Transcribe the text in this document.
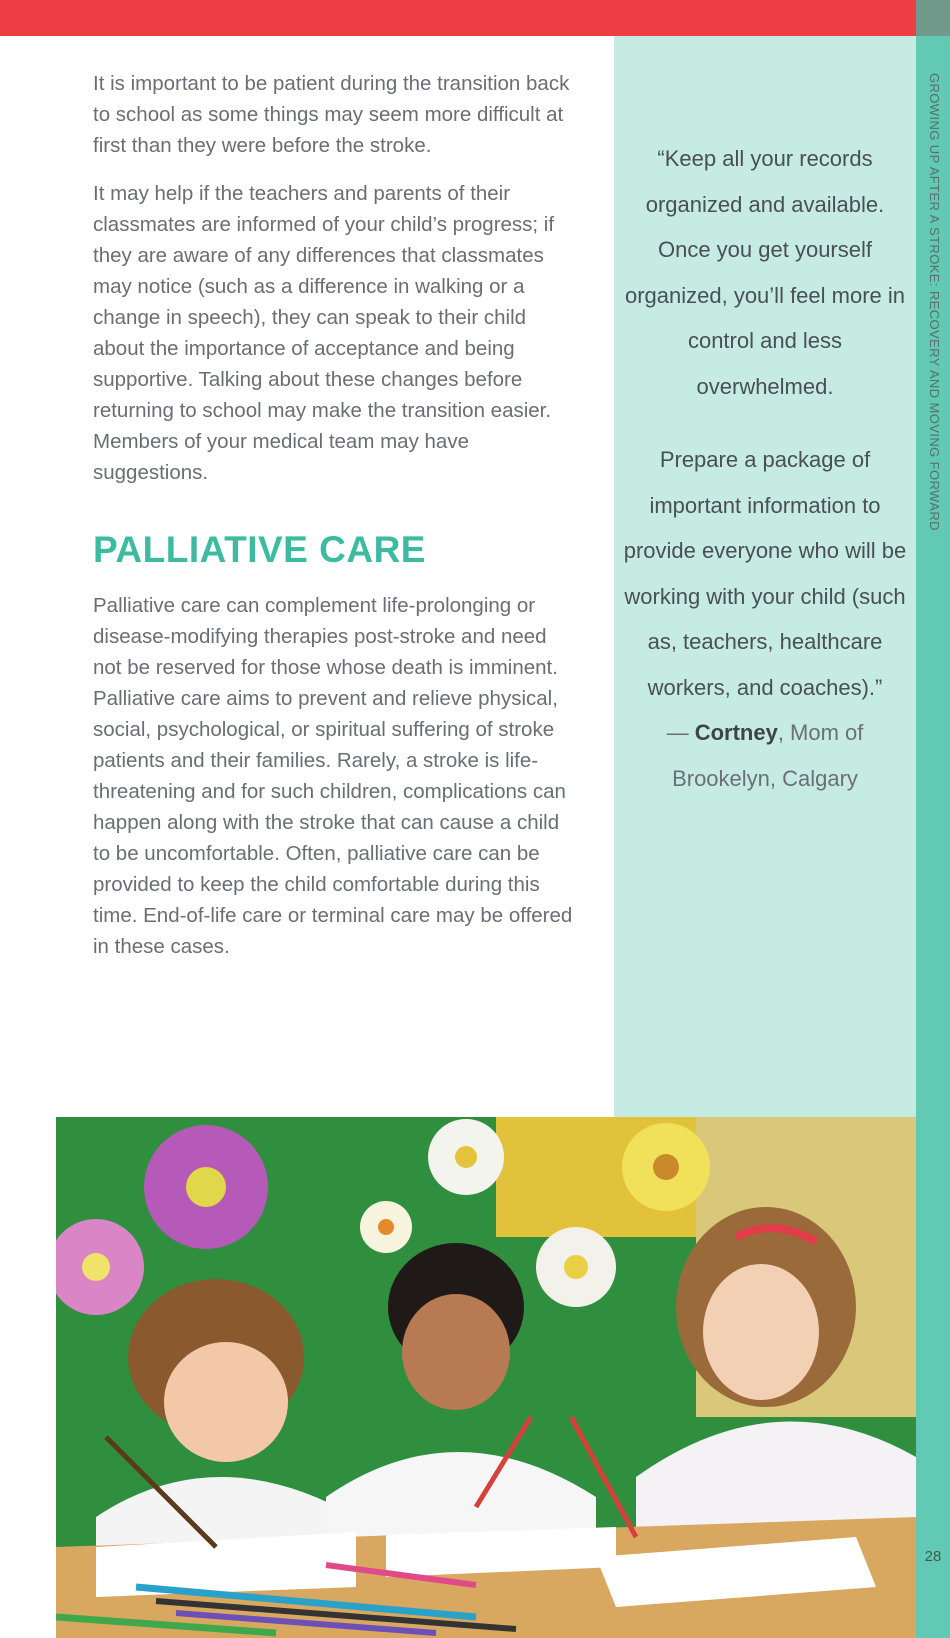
GROWING UP AFTER A STROKE: RECOVERY AND MOVING FORWARD
28

“Keep all your records organized and available. Once you get yourself organized, you’ll feel more in control and less overwhelmed.

Prepare a package of important information to provide everyone who will be working with your child (such as, teachers, healthcare workers, and coaches).”
— Cortney, Mom of Brookelyn, Calgary

It is important to be patient during the transition back to school as some things may seem more difficult at first than they were before the stroke.

It may help if the teachers and parents of their classmates are informed of your child’s progress; if they are aware of any differences that classmates may notice (such as a difference in walking or a change in speech), they can speak to their child about the importance of acceptance and being supportive. Talking about these changes before returning to school may make the transition easier. Members of your medical team may have suggestions.

PALLIATIVE CARE

Palliative care can complement life-prolonging or disease-modifying therapies post-stroke and need not be reserved for those whose death is imminent. Palliative care aims to prevent and relieve physical, social, psychological, or spiritual suffering of stroke patients and their families. Rarely, a stroke is life-threatening and for such children, complications can happen along with the stroke that can cause a child to be uncomfortable. Often, palliative care can be provided to keep the child comfortable during this time. End-of-life care or terminal care may be offered in these cases.
